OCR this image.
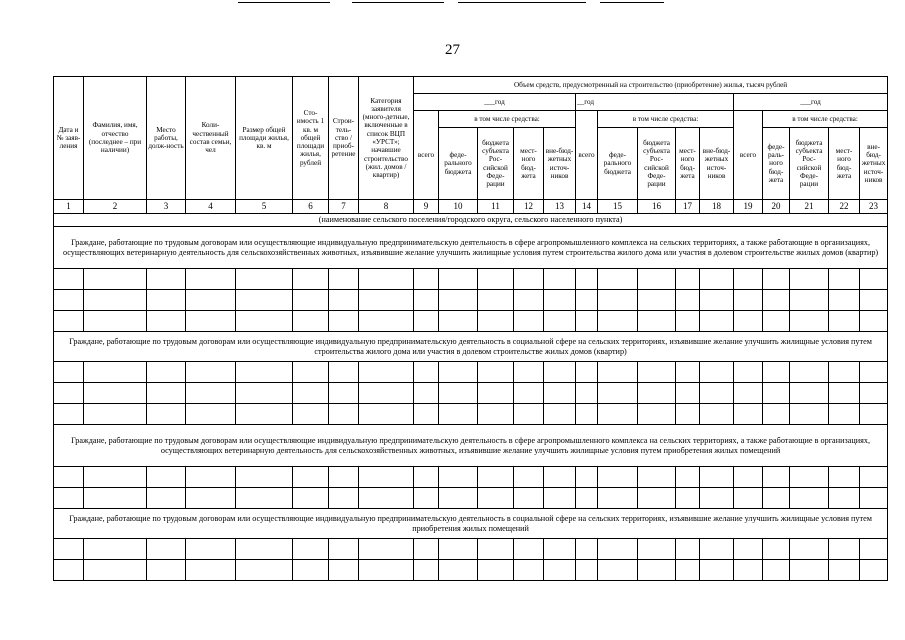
27
Дата и № заяв-ления	Фамилия, имя, отчество (последнее – при наличии)	Место работы, долж-ность	Коли-чественный состав семьи, чел	Размер общей площади жилья, кв. м	Сто-имость 1 кв. м общей площади жилья, рублей	Строи-тель-ство / приоб-ретение	Категория заявителя (много-детные, включенные в список ВЦП «УРСТ»; начавшие строительство (жил. домов / квартир)	Объем средств, предусмотренный на строительство (приобретение) жилья, тысяч рублей														
								___год					__год					___год				
								всего	в том числе средства:				всего	в том числе средства:				всего	в том числе средства:			
									феде-рального бюджета	бюджета субъекта Рос-сийской Феде-рации	мест-ного бюд-жета	вне-бюд-жетных источ-ников		феде-рального бюджета	бюджета субъекта Рос-сийской Феде-рации	мест-ного бюд-жета	вне-бюд-жетных источ-ников		феде-раль-ного бюд-жета	бюджета субъекта Рос-сийской Феде-рации	мест-ного бюд-жета	вне-бюд-жетных источ-ников
1	2	3	4	5	6	7	8	9	10	11	12	13	14	15	16	17	18	19	20	21	22	23
(наименование сельского поселения/городского округа, сельского населенного пункта)																						
Граждане, работающие по трудовым договорам или осуществляющие индивидуальную предпринимательскую деятельность в сфере агропромышленного комплекса на сельских территориях, а также работающие в организациях, осуществляющих ветеринарную деятельность для сельскохозяйственных животных, изъявившие желание улучшить жилищные условия путем строительства жилого дома или участия в долевом строительстве жилых домов (квартир)																						

Граждане, работающие по трудовым договорам или осуществляющие индивидуальную предпринимательскую деятельность в социальной сфере на сельских территориях, изъявившие желание улучшить жилищные условия путем строительства жилого дома или участия в долевом строительстве жилых домов (квартир)																						

Граждане, работающие по трудовым договорам или осуществляющие индивидуальную предпринимательскую деятельность в сфере агропромышленного комплекса на сельских территориях, а также работающие в организациях, осуществляющих ветеринарную деятельность для сельскохозяйственных животных, изъявившие желание улучшить жилищные условия путем приобретения жилых помещений																						

Граждане, работающие по трудовым договорам или осуществляющие индивидуальную предпринимательскую деятельность в социальной сфере на сельских территориях, изъявившие желание улучшить жилищные условия путем приобретения жилых помещений																						
